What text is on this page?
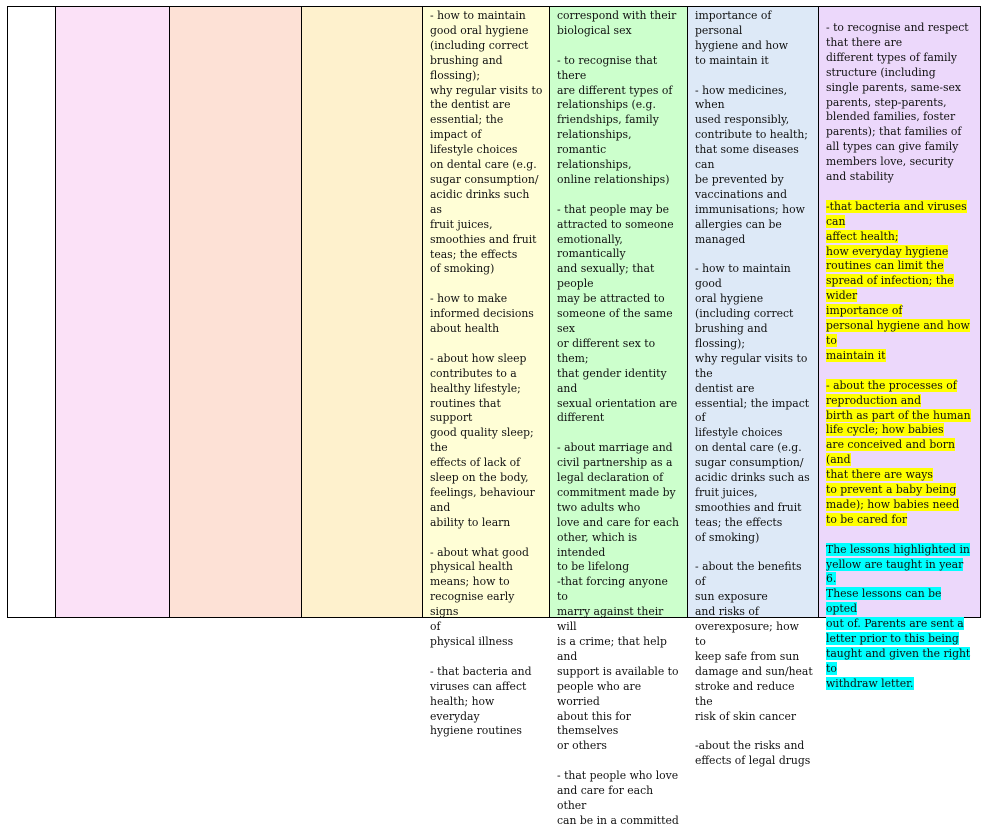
- how to maintain
good oral hygiene
(including correct
brushing and flossing);
why regular visits to
the dentist are
essential; the impact of
lifestyle choices
on dental care (e.g.
sugar consumption/
acidic drinks such as
fruit juices,
smoothies and fruit
teas; the effects
of smoking)

- how to make
informed decisions
about health

- about how sleep
contributes to a
healthy lifestyle;
routines that support
good quality sleep; the
effects of lack of
sleep on the body,
feelings, behaviour and
ability to learn

- about what good
physical health
means; how to
recognise early signs
of
physical illness

- that bacteria and
viruses can affect
health; how everyday
hygiene routines

correspond with their
biological sex

- to recognise that there
are different types of
relationships (e.g.
friendships, family
relationships,
romantic relationships,
online relationships)

- that people may be
attracted to someone
emotionally, romantically
and sexually; that people
may be attracted to
someone of the same sex
or different sex to them;
that gender identity and
sexual orientation are
different

- about marriage and
civil partnership as a
legal declaration of
commitment made by
two adults who
love and care for each
other, which is intended
to be lifelong
-that forcing anyone to
marry against their will
is a crime; that help and
support is available to
people who are worried
about this for themselves
or others

- that people who love
and care for each other
can be in a committed

importance of personal
hygiene and how
to maintain it

- how medicines, when
used responsibly,
contribute to health;
that some diseases can
be prevented by
vaccinations and
immunisations; how
allergies can be
managed

- how to maintain good
oral hygiene
(including correct
brushing and flossing);
why regular visits to the
dentist are
essential; the impact of
lifestyle choices
on dental care (e.g.
sugar consumption/
acidic drinks such as
fruit juices,
smoothies and fruit
teas; the effects
of smoking)

- about the benefits of
sun exposure
and risks of
overexposure; how to
keep safe from sun
damage and sun/heat
stroke and reduce the
risk of skin cancer

-about the risks and
effects of legal drugs

- to recognise and respect
that there are
different types of family
structure (including
single parents, same-sex
parents, step-parents,
blended families, foster
parents); that families of
all types can give family
members love, security
and stability

-that bacteria and viruses can
affect health;
how everyday hygiene
routines can limit the
spread of infection; the wider
importance of
personal hygiene and how to
maintain it

- about the processes of
reproduction and
birth as part of the human
life cycle; how babies
are conceived and born (and
that there are ways
to prevent a baby being
made); how babies need
to be cared for

The lessons highlighted in
yellow are taught in year 6.
These lessons can be opted
out of. Parents are sent a
letter prior to this being
taught and given the right to
withdraw letter.
